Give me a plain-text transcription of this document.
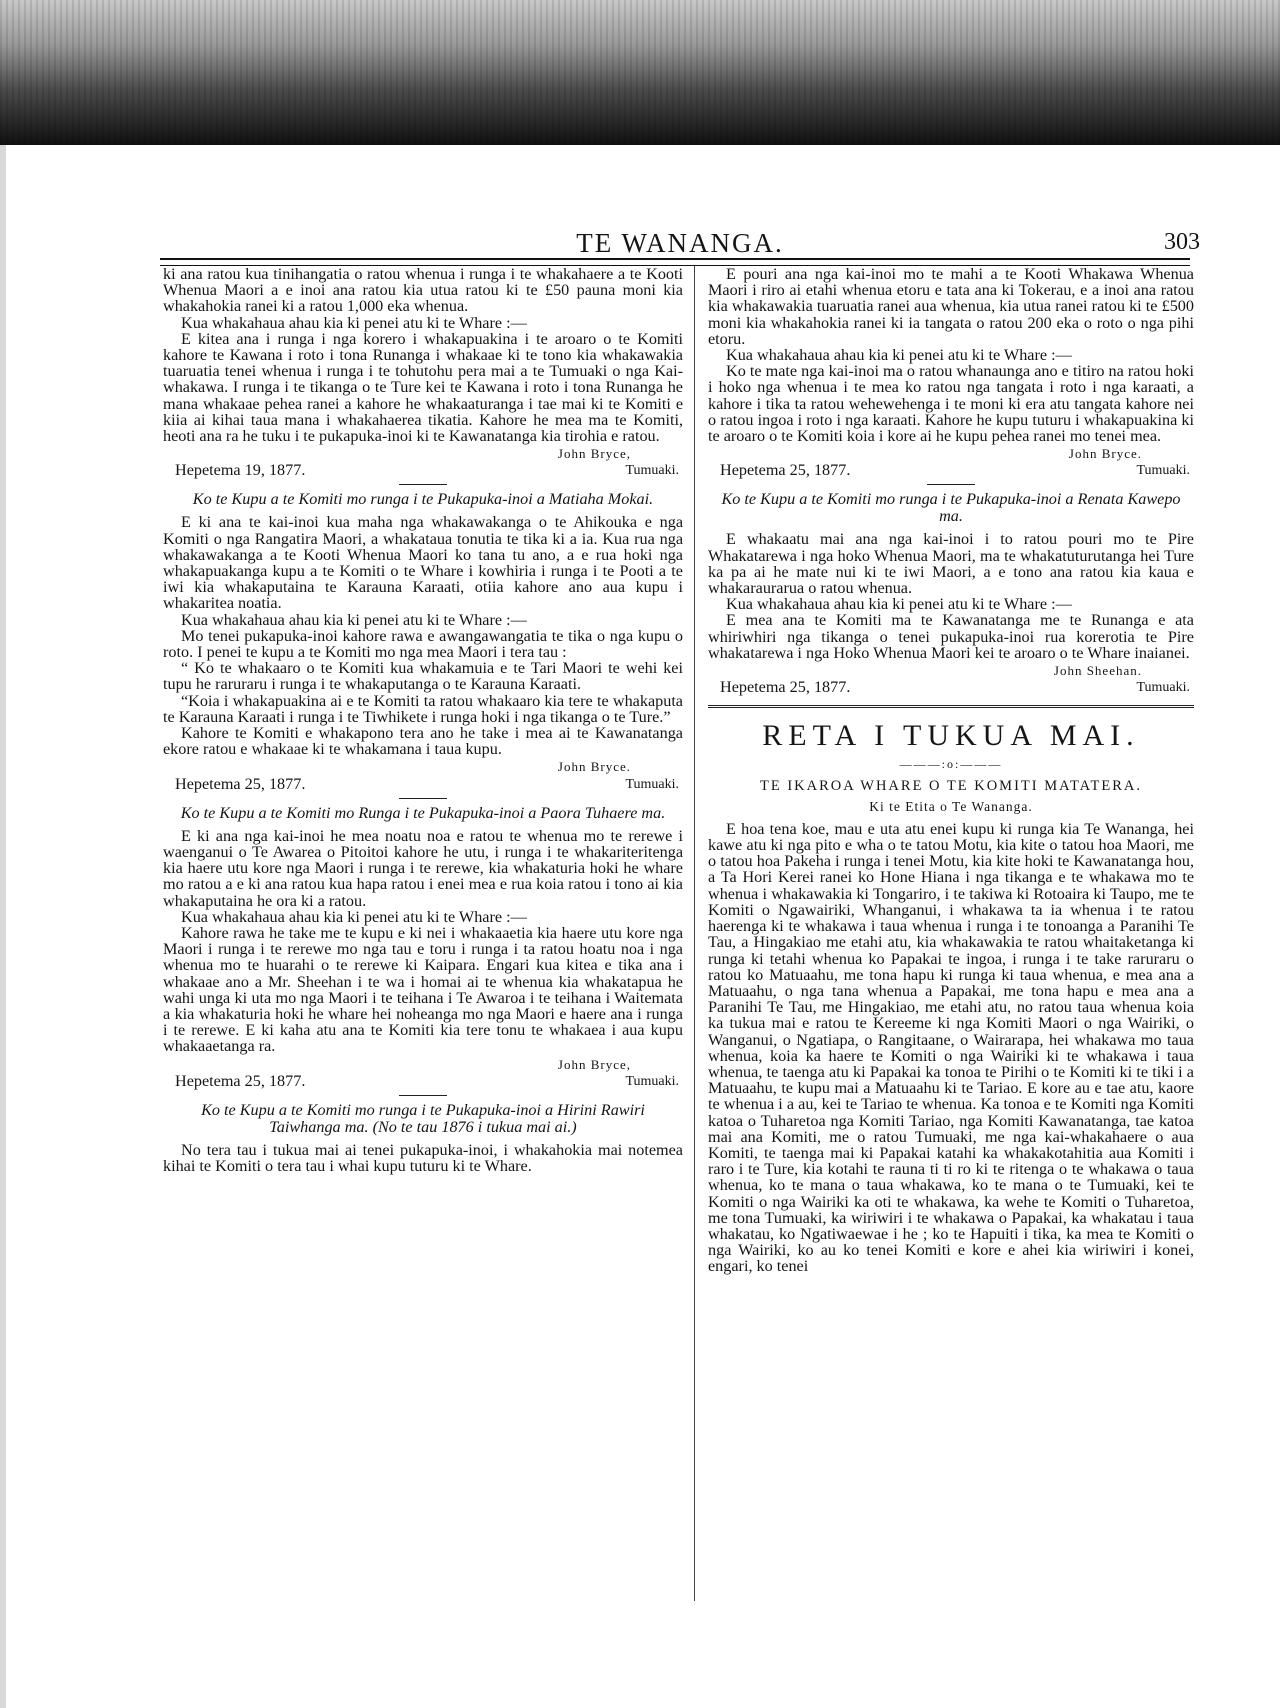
TE WANANGA.	303

ki ana ratou kua tinihangatia o ratou whenua i runga i te whakahaere a te Kooti Whenua Maori a e inoi ana ratou kia utua ratou ki te £50 pauna moni kia whakahokia ranei ki a ratou 1,000 eka whenua.

Kua whakahaua ahau kia ki penei atu ki te Whare :—

E kitea ana i runga i nga korero i whakapuakina i te aroaro o te Komiti kahore te Kawana i roto i tona Runanga i whakaae ki te tono kia whakawakia tuaruatia tenei whenua i runga i te tohutohu pera mai a te Tumuaki o nga Kai-whakawa. I runga i te tikanga o te Ture kei te Kawana i roto i tona Runanga he mana whakaae pehea ranei a kahore he whakaaturanga i tae mai ki te Komiti e kiia ai kihai taua mana i whakahaerea tikatia. Kahore he mea ma te Komiti, heoti ana ra he tuku i te pukapuka-inoi ki te Kawanatanga kia tirohia e ratou.

John Bryce,
Hepetema 19, 1877.	Tumuaki.
Ko te Kupu a te Komiti mo runga i te Pukapuka-inoi a Matiaha Mokai.

E ki ana te kai-inoi kua maha nga whakawakanga o te Ahikouka e nga Komiti o nga Rangatira Maori, a whakataua tonutia te tika ki a ia. Kua rua nga whakawakanga a te Kooti Whenua Maori ko tana tu ano, a e rua hoki nga whakapuakanga kupu a te Komiti o te Whare i kowhiria i runga i te Pooti a te iwi kia whakaputaina te Karauna Karaati, otiia kahore ano aua kupu i whakaritea noatia.

Kua whakahaua ahau kia ki penei atu ki te Whare :—

Mo tenei pukapuka-inoi kahore rawa e awangawangatia te tika o nga kupu o roto. I penei te kupu a te Komiti mo nga mea Maori i tera tau :

“ Ko te whakaaro o te Komiti kua whakamuia e te Tari Maori te wehi kei tupu he raruraru i runga i te whakaputanga o te Karauna Karaati.

“Koia i whakapuakina ai e te Komiti ta ratou whakaaro kia tere te whakaputa te Karauna Karaati i runga i te Tiwhikete i runga hoki i nga tikanga o te Ture.”

Kahore te Komiti e whakapono tera ano he take i mea ai te Kawanatanga ekore ratou e whakaae ki te whakamana i taua kupu.

John Bryce.
Hepetema 25, 1877.	Tumuaki.
Ko te Kupu a te Komiti mo Runga i te Pukapuka-inoi a Paora Tuhaere ma.

E ki ana nga kai-inoi he mea noatu noa e ratou te whenua mo te rerewe i waenganui o Te Awarea o Pitoitoi kahore he utu, i runga i te whakariteritenga kia haere utu kore nga Maori i runga i te rerewe, kia whakaturia hoki he whare mo ratou a e ki ana ratou kua hapa ratou i enei mea e rua koia ratou i tono ai kia whakaputaina he ora ki a ratou.

Kua whakahaua ahau kia ki penei atu ki te Whare :—

Kahore rawa he take me te kupu e ki nei i whakaaetia kia haere utu kore nga Maori i runga i te rerewe mo nga tau e toru i runga i ta ratou hoatu noa i nga whenua mo te huarahi o te rerewe ki Kaipara. Engari kua kitea e tika ana i whakaae ano a Mr. Sheehan i te wa i homai ai te whenua kia whakatapua he wahi unga ki uta mo nga Maori i te teihana i Te Awaroa i te teihana i Waitemata a kia whakaturia hoki he whare hei noheanga mo nga Maori e haere ana i runga i te rerewe. E ki kaha atu ana te Komiti kia tere tonu te whakaea i aua kupu whakaaetanga ra.

John Bryce,
Hepetema 25, 1877.	Tumuaki.
Ko te Kupu a te Komiti mo runga i te Pukapuka-inoi a Hirini Rawiri Taiwhanga ma. (No te tau 1876 i tukua mai ai.)

No tera tau i tukua mai ai tenei pukapuka-inoi, i whakahokia mai notemea kihai te Komiti o tera tau i whai kupu tuturu ki te Whare.

E pouri ana nga kai-inoi mo te mahi a te Kooti Whakawa Whenua Maori i riro ai etahi whenua etoru e tata ana ki Tokerau, e a inoi ana ratou kia whakawakia tuaruatia ranei aua whenua, kia utua ranei ratou ki te £500 moni kia whakahokia ranei ki ia tangata o ratou 200 eka o roto o nga pihi etoru.

Kua whakahaua ahau kia ki penei atu ki te Whare :—

Ko te mate nga kai-inoi ma o ratou whanaunga ano e titiro na ratou hoki i hoko nga whenua i te mea ko ratou nga tangata i roto i nga karaati, a kahore i tika ta ratou wehewehenga i te moni ki era atu tangata kahore nei o ratou ingoa i roto i nga karaati. Kahore he kupu tuturu i whakapuakina ki te aroaro o te Komiti koia i kore ai he kupu pehea ranei mo tenei mea.

John Bryce.
Hepetema 25, 1877.	Tumuaki.
Ko te Kupu a te Komiti mo runga i te Pukapuka-inoi a Renata Kawepo ma.

E whakaatu mai ana nga kai-inoi i to ratou pouri mo te Pire Whakatarewa i nga hoko Whenua Maori, ma te whakatuturutanga hei Ture ka pa ai he mate nui ki te iwi Maori, a e tono ana ratou kia kaua e whakaraurarua o ratou whenua.

Kua whakahaua ahau kia ki penei atu ki te Whare :—

E mea ana te Komiti ma te Kawanatanga me te Runanga e ata whiriwhiri nga tikanga o tenei pukapuka-inoi rua korerotia te Pire whakatarewa i nga Hoko Whenua Maori kei te aroaro o te Whare inaianei.

John Sheehan.
Hepetema 25, 1877.	Tumuaki.
RETA I TUKUA MAI.
———:o:———
TE IKAROA WHARE O TE KOMITI MATATERA.
Ki te Etita o Te Wananga.

E hoa tena koe, mau e uta atu enei kupu ki runga kia Te Wananga, hei kawe atu ki nga pito e wha o te tatou Motu, kia kite o tatou hoa Maori, me o tatou hoa Pakeha i runga i tenei Motu, kia kite hoki te Kawanatanga hou, a Ta Hori Kerei ranei ko Hone Hiana i nga tikanga e te whakawa mo te whenua i whakawakia ki Tongariro, i te takiwa ki Rotoaira ki Taupo, me te Komiti o Ngawairiki, Whanganui, i whakawa ta ia whenua i te ratou haerenga ki te whakawa i taua whenua i runga i te tonoanga a Paranihi Te Tau, a Hingakiao me etahi atu, kia whakawakia te ratou whaitaketanga ki runga ki tetahi whenua ko Papakai te ingoa, i runga i te take raruraru o ratou ko Matuaahu, me tona hapu ki runga ki taua whenua, e mea ana a Matuaahu, o nga tana whenua a Papakai, me tona hapu e mea ana a Paranihi Te Tau, me Hingakiao, me etahi atu, no ratou taua whenua koia ka tukua mai e ratou te Kereeme ki nga Komiti Maori o nga Wairiki, o Wanganui, o Ngatiapa, o Rangitaane, o Wairarapa, hei whakawa mo taua whenua, koia ka haere te Komiti o nga Wairiki ki te whakawa i taua whenua, te taenga atu ki Papakai ka tonoa te Pirihi o te Komiti ki te tiki i a Matuaahu, te kupu mai a Matuaahu ki te Tariao. E kore au e tae atu, kaore te whenua i a au, kei te Tariao te whenua. Ka tonoa e te Komiti nga Komiti katoa o Tuharetoa nga Komiti Tariao, nga Komiti Kawanatanga, tae katoa mai ana Komiti, me o ratou Tumuaki, me nga kai-whakahaere o aua Komiti, te taenga mai ki Papakai katahi ka whakakotahitia aua Komiti i raro i te Ture, kia kotahi te rauna ti ti ro ki te ritenga o te whakawa o taua whenua, ko te mana o taua whakawa, ko te mana o te Tumuaki, kei te Komiti o nga Wairiki ka oti te whakawa, ka wehe te Komiti o Tuharetoa, me tona Tumuaki, ka wiriwiri i te whakawa o Papakai, ka whakatau i taua whakatau, ko Ngatiwaewae i he ; ko te Hapuiti i tika, ka mea te Komiti o nga Wairiki, ko au ko tenei Komiti e kore e ahei kia wiriwiri i konei, engari, ko tenei
